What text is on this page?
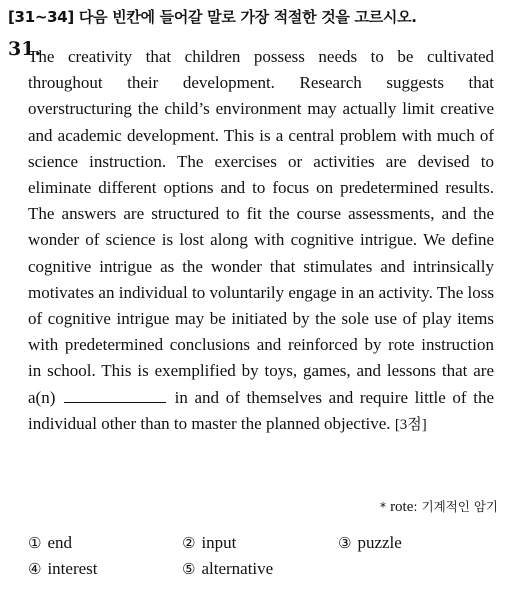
[31~34] 다음 빈칸에 들어갈 말로 가장 적절한 것을 고르시오.
31.

The creativity that children possess needs to be cultivated throughout their development. Research suggests that overstructuring the child’s environment may actually limit creative and academic development. This is a central problem with much of science instruction. The exercises or activities are devised to eliminate different options and to focus on predetermined results. The answers are structured to fit the course assessments, and the wonder of science is lost along with cognitive intrigue. We define cognitive intrigue as the wonder that stimulates and intrinsically motivates an individual to voluntarily engage in an activity. The loss of cognitive intrigue may be initiated by the sole use of play items with predetermined conclusions and reinforced by rote instruction in school. This is exemplified by toys, games, and lessons that are a(n)	in and of themselves and require little of the individual other than to master the planned objective. [3점]

* rote: 기계적인 암기
① end	② input	③ puzzle
④ interest	⑤ alternative
